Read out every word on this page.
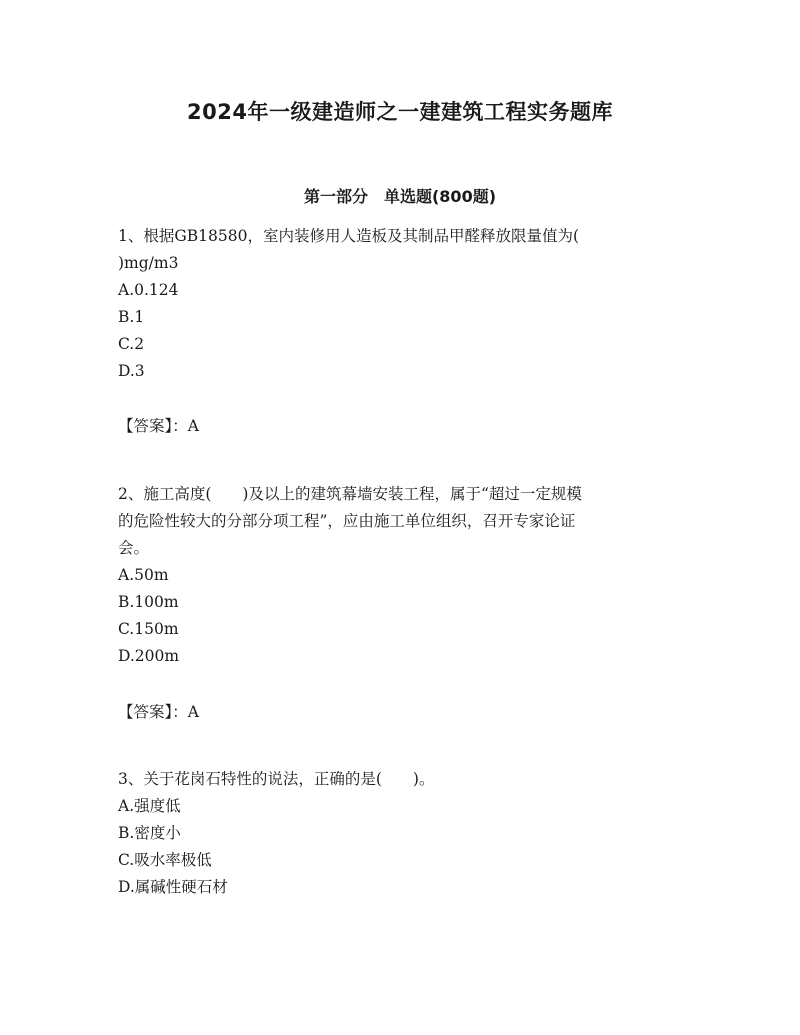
2024年一级建造师之一建建筑工程实务题库
第一部分　单选题(800题)
1、根据GB18580，室内装修用人造板及其制品甲醛释放限量值为(
)mg/m3
A.0.124
B.1
C.2
D.3
【答案】：A
2、施工高度(　　)及以上的建筑幕墙安装工程，属于“超过一定规模
的危险性较大的分部分项工程”，应由施工单位组织，召开专家论证
会。
A.50m
B.100m
C.150m
D.200m
【答案】：A
3、关于花岗石特性的说法，正确的是(　　)。
A.强度低
B.密度小
C.吸水率极低
D.属碱性硬石材
